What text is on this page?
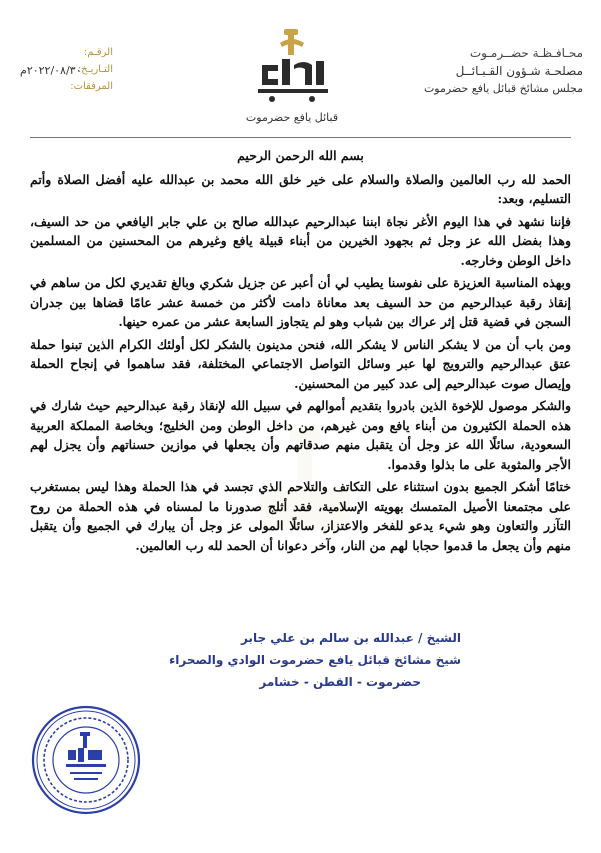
محـافـظـة حضــرمـوت
مصلحـة شـؤون القـبـائــل
مجلس مشائخ قبائل يافع حضرموت
قبائل يافع حضرموت
الرقـم:
التـاريـخ:
المرفقات:
٢٠٢٢/٠٨/٣٠م

بسم الله الرحمن الرحيم

الحمد لله رب العالمين والصلاة والسلام على خير خلق الله محمد بن عبدالله عليه أفضل الصلاة وأتم التسليم، وبعد:

فإننا نشهد في هذا اليوم الأغر نجاة ابننا عبدالرحيم عبدالله صالح بن علي جابر اليافعي من حد السيف، وهذا بفضل الله عز وجل ثم بجهود الخيرين من أبناء قبيلة يافع وغيرهم من المحسنين من المسلمين داخل الوطن وخارجه.

وبهذه المناسبة العزيزة على نفوسنا يطيب لي أن أعبر عن جزيل شكري وبالغ تقديري لكل من ساهم في إنقاذ رقبة عبدالرحيم من حد السيف بعد معاناة دامت لأكثر من خمسة عشر عامًا قضاها بين جدران السجن في قضية قتل إثر عراك بين شباب وهو لم يتجاوز السابعة عشر من عمره حينها.

ومن باب أن من لا يشكر الناس لا يشكر الله، فنحن مدينون بالشكر لكل أولئك الكرام الذين تبنوا حملة عتق عبدالرحيم والترويج لها عبر وسائل التواصل الاجتماعي المختلفة، فقد ساهموا في إنجاح الحملة وإيصال صوت عبدالرحيم إلى عدد كبير من المحسنين.

والشكر موصول للإخوة الذين بادروا بتقديم أموالهم في سبيل الله لإنقاذ رقبة عبدالرحيم حيث شارك في هذه الحملة الكثيرون من أبناء يافع ومن غيرهم، من داخل الوطن ومن الخليج؛ وبخاصة المملكة العربية السعودية، سائلًا الله عز وجل أن يتقبل منهم صدقاتهم وأن يجعلها في موازين حسناتهم وأن يجزل لهم الأجر والمثوبة على ما بذلوا وقدموا.

ختامًا أشكر الجميع بدون استثناء على التكاتف والتلاحم الذي تجسد في هذا الحملة وهذا ليس بمستغرب على مجتمعنا الأصيل المتمسك بهويته الإسلامية، فقد أثلج صدورنا ما لمسناه في هذه الحملة من روح التآزر والتعاون وهو شيء يدعو للفخر والاعتزاز، سائلًا المولى عز وجل أن يبارك في الجميع وأن يتقبل منهم وأن يجعل ما قدموا حجابا لهم من النار، وآخر دعوانا أن الحمد لله رب العالمين.

الشيخ / عبدالله بن سالم بن علي جابر
شيخ مشائخ قبائل يافع حضرموت الوادي والصحراء
حضرموت - القطن - خشامر
